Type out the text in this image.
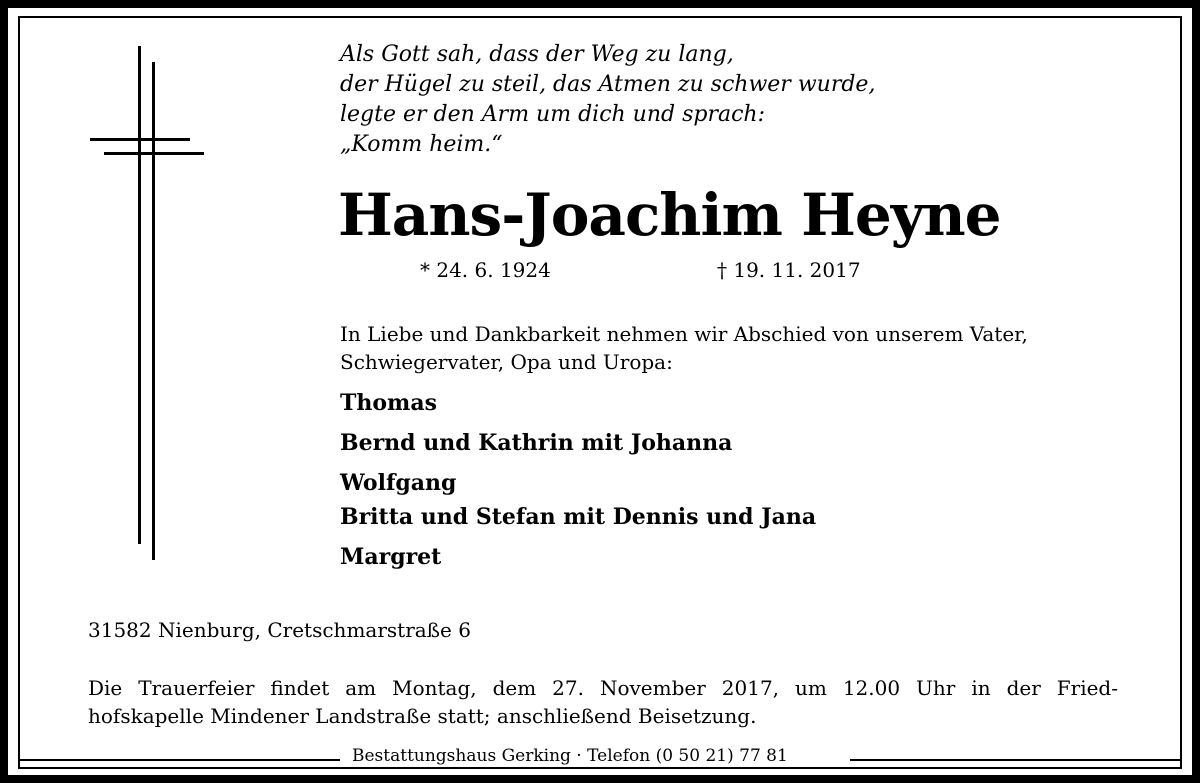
Als Gott sah, dass der Weg zu lang,
der Hügel zu steil, das Atmen zu schwer wurde,
legte er den Arm um dich und sprach:
„Komm heim.“
Hans-Joachim Heyne
* 24. 6. 1924	† 19. 11. 2017
In Liebe und Dankbarkeit nehmen wir Abschied von unserem Vater, Schwiegervater, Opa und Uropa:
Thomas
Bernd und Kathrin mit Johanna
Wolfgang
Britta und Stefan mit Dennis und Jana
Margret
31582 Nienburg, Cretschmarstraße 6
Die Trauerfeier findet am Montag, dem 27. November 2017, um 12.00 Uhr in der Fried-
hofskapelle Mindener Landstraße statt; anschließend Beisetzung.
Bestattungshaus Gerking · Telefon (0 50 21) 77 81
